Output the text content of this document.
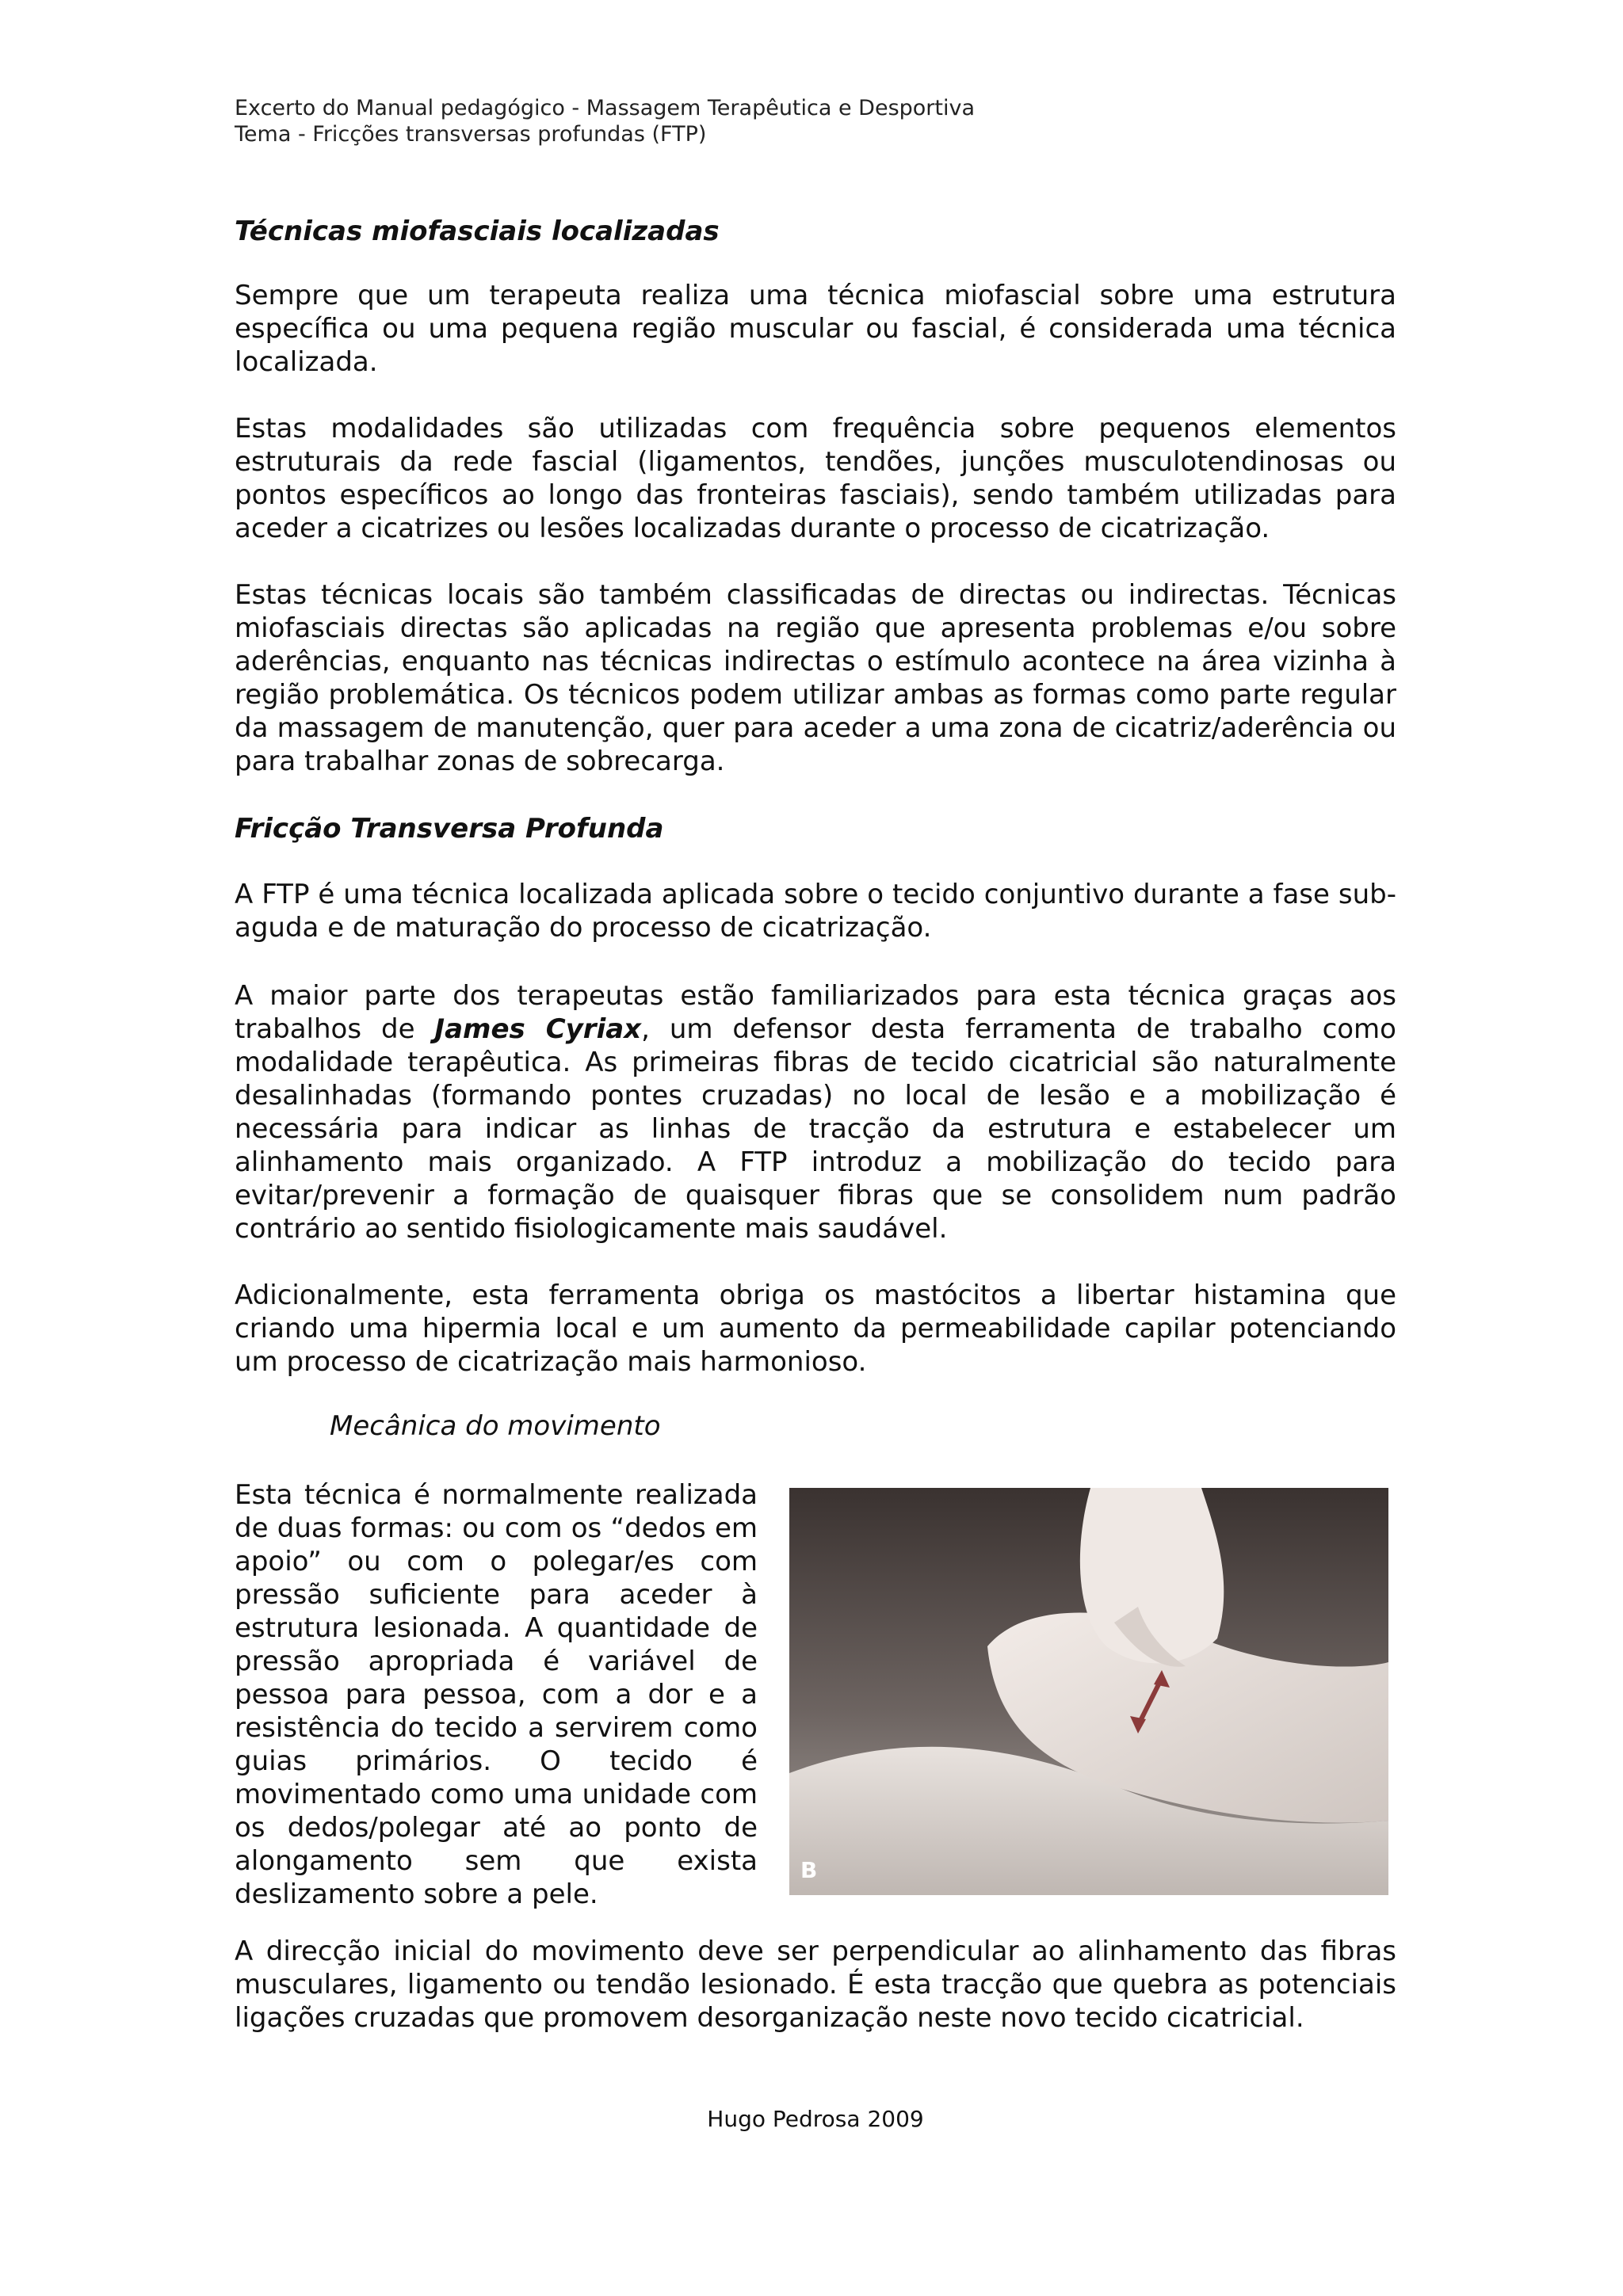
Excerto do Manual pedagógico - Massagem Terapêutica e Desportiva
Tema - Fricções transversas profundas (FTP)
Técnicas miofasciais localizadas

Sempre que um terapeuta realiza uma técnica miofascial sobre uma estrutura específica ou uma pequena região muscular ou fascial, é considerada uma técnica localizada.

Estas modalidades são utilizadas com frequência sobre pequenos elementos estruturais da rede fascial (ligamentos, tendões, junções musculotendinosas ou pontos específicos ao longo das fronteiras fasciais), sendo também utilizadas para aceder a cicatrizes ou lesões localizadas durante o processo de cicatrização.

Estas técnicas locais são também classificadas de directas ou indirectas. Técnicas miofasciais directas são aplicadas na região que apresenta problemas e/ou sobre aderências, enquanto nas técnicas indirectas o estímulo acontece na área vizinha à região problemática. Os técnicos podem utilizar ambas as formas como parte regular da massagem de manutenção, quer para aceder a uma zona de cicatriz/aderência ou para trabalhar zonas de sobrecarga.

Fricção Transversa Profunda

A FTP é uma técnica localizada aplicada sobre o tecido conjuntivo durante a fase sub-aguda e de maturação do processo de cicatrização.

A maior parte dos terapeutas estão familiarizados para esta técnica graças aos trabalhos de James Cyriax, um defensor desta ferramenta de trabalho como modalidade terapêutica. As primeiras fibras de tecido cicatricial são naturalmente desalinhadas (formando pontes cruzadas) no local de lesão e a mobilização é necessária para indicar as linhas de tracção da estrutura e estabelecer um alinhamento mais organizado. A FTP introduz a mobilização do tecido para evitar/prevenir a formação de quaisquer fibras que se consolidem num padrão contrário ao sentido fisiologicamente mais saudável.

Adicionalmente, esta ferramenta obriga os mastócitos a libertar histamina que criando uma hipermia local e um aumento da permeabilidade capilar potenciando um processo de cicatrização mais harmonioso.

Mecânica do movimento

Esta técnica é normalmente realizada de duas formas: ou com os “dedos em apoio” ou com o polegar/es com pressão suficiente para aceder à estrutura lesionada. A quantidade de pressão apropriada é variável de pessoa para pessoa, com a dor e a resistência do tecido a servirem como guias primários. O tecido é movimentado como uma unidade com os dedos/polegar até ao ponto de alongamento sem que exista deslizamento sobre a pele.

B

A direcção inicial do movimento deve ser perpendicular ao alinhamento das fibras musculares, ligamento ou tendão lesionado. É esta tracção que quebra as potenciais ligações cruzadas que promovem desorganização neste novo tecido cicatricial.

Hugo Pedrosa 2009
